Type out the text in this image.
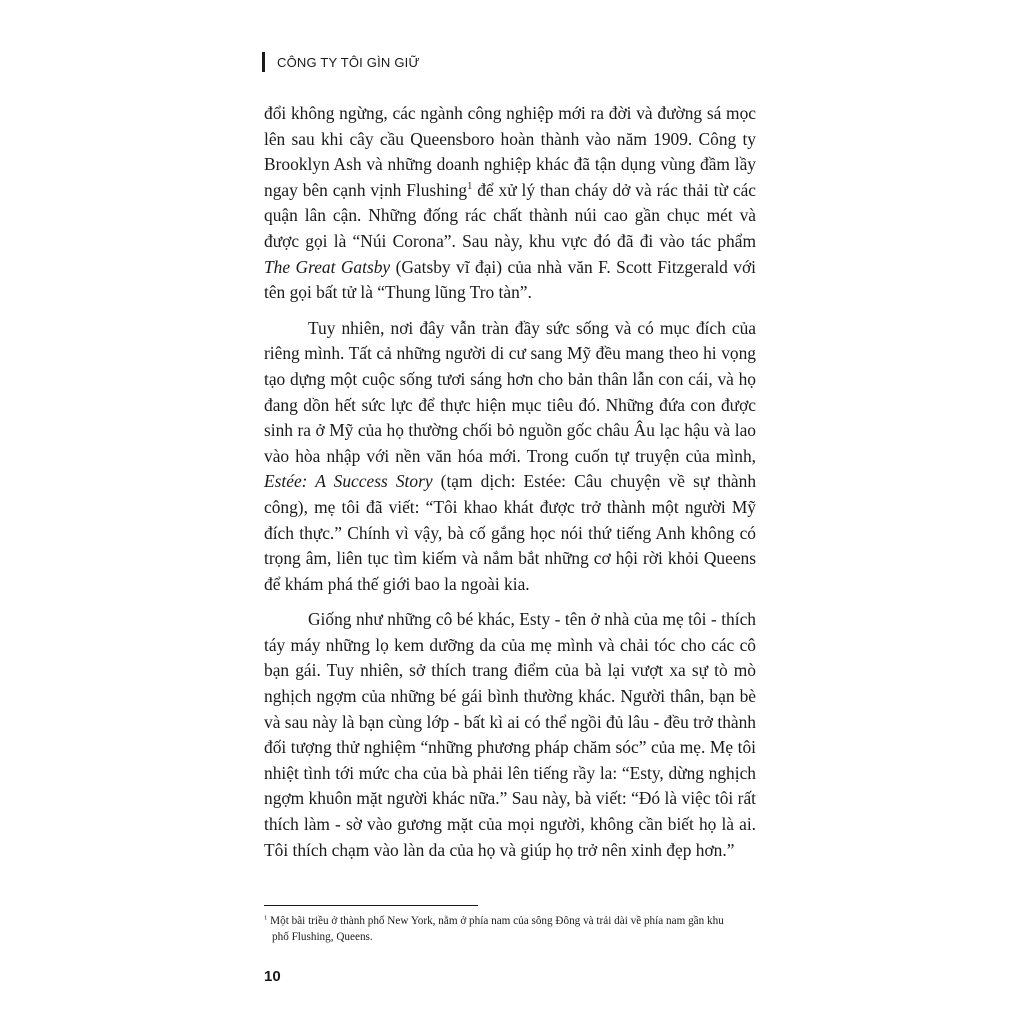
CÔNG TY TÔI GÌN GIỮ

đổi không ngừng, các ngành công nghiệp mới ra đời và đường sá mọc lên sau khi cây cầu Queensboro hoàn thành vào năm 1909. Công ty Brooklyn Ash và những doanh nghiệp khác đã tận dụng vùng đầm lầy ngay bên cạnh vịnh Flushing$^1$ để xử lý than cháy dở và rác thải từ các quận lân cận. Những đống rác chất thành núi cao gần chục mét và được gọi là “Núi Corona”. Sau này, khu vực đó đã đi vào tác phẩm The Great Gatsby (Gatsby vĩ đại) của nhà văn F. Scott Fitzgerald với tên gọi bất tử là “Thung lũng Tro tàn”.

Tuy nhiên, nơi đây vẫn tràn đầy sức sống và có mục đích của riêng mình. Tất cả những người di cư sang Mỹ đều mang theo hi vọng tạo dựng một cuộc sống tươi sáng hơn cho bản thân lẫn con cái, và họ đang dồn hết sức lực để thực hiện mục tiêu đó. Những đứa con được sinh ra ở Mỹ của họ thường chối bỏ nguồn gốc châu Âu lạc hậu và lao vào hòa nhập với nền văn hóa mới. Trong cuốn tự truyện của mình, Estée: A Success Story (tạm dịch: Estée: Câu chuyện về sự thành công), mẹ tôi đã viết: “Tôi khao khát được trở thành một người Mỹ đích thực.” Chính vì vậy, bà cố gắng học nói thứ tiếng Anh không có trọng âm, liên tục tìm kiếm và nắm bắt những cơ hội rời khỏi Queens để khám phá thế giới bao la ngoài kia.

Giống như những cô bé khác, Esty - tên ở nhà của mẹ tôi - thích táy máy những lọ kem dưỡng da của mẹ mình và chải tóc cho các cô bạn gái. Tuy nhiên, sở thích trang điểm của bà lại vượt xa sự tò mò nghịch ngợm của những bé gái bình thường khác. Người thân, bạn bè và sau này là bạn cùng lớp - bất kì ai có thể ngồi đủ lâu - đều trở thành đối tượng thử nghiệm “những phương pháp chăm sóc” của mẹ. Mẹ tôi nhiệt tình tới mức cha của bà phải lên tiếng rầy la: “Esty, dừng nghịch ngợm khuôn mặt người khác nữa.” Sau này, bà viết: “Đó là việc tôi rất thích làm - sờ vào gương mặt của mọi người, không cần biết họ là ai. Tôi thích chạm vào làn da của họ và giúp họ trở nên xinh đẹp hơn.”

$^1$ Một bãi triều ở thành phố New York, nằm ở phía nam của sông Đông và trải dài về phía nam gần khu
phố Flushing, Queens.
10
